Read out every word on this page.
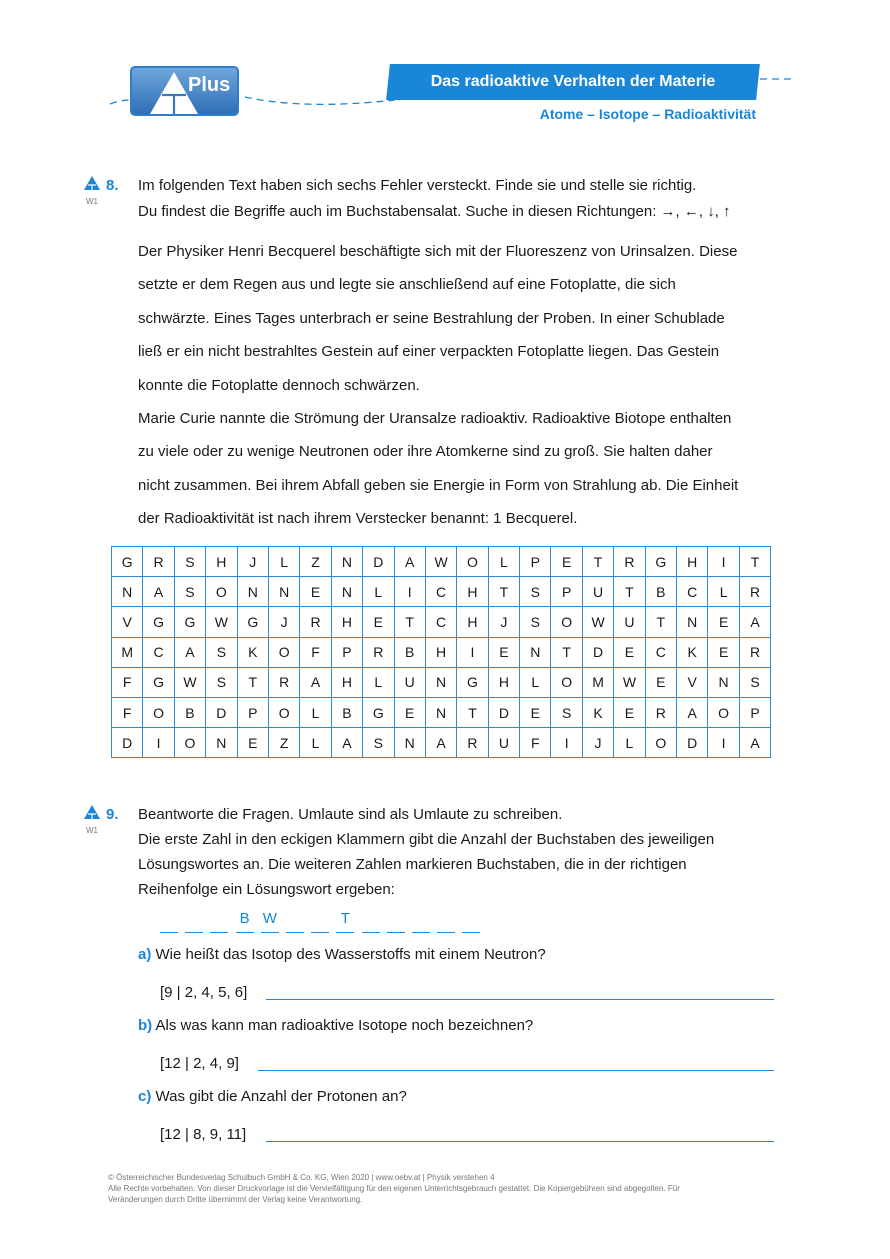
Plus	Das radioaktive Verhalten der Materie
Atome – Isotope – Radioaktivität
8.
W1
Im folgenden Text haben sich sechs Fehler versteckt. Finde sie und stelle sie richtig.
Du findest die Begriffe auch im Buchstabensalat. Suche in diesen Richtungen: →, ←, ↓, ↑
Der Physiker Henri Becquerel beschäftigte sich mit der Fluoreszenz von Urinsalzen. Diese
setzte er dem Regen aus und legte sie anschließend auf eine Fotoplatte, die sich
schwärzte. Eines Tages unterbrach er seine Bestrahlung der Proben. In einer Schublade
ließ er ein nicht bestrahltes Gestein auf einer verpackten Fotoplatte liegen. Das Gestein
konnte die Fotoplatte dennoch schwärzen.
Marie Curie nannte die Strömung der Uransalze radioaktiv. Radioaktive Biotope enthalten
zu viele oder zu wenige Neutronen oder ihre Atomkerne sind zu groß. Sie halten daher
nicht zusammen. Bei ihrem Abfall geben sie Energie in Form von Strahlung ab. Die Einheit
der Radioaktivität ist nach ihrem Verstecker benannt: 1 Becquerel.
G	R	S	H	J	L	Z	N	D	A	W	O	L	P	E	T	R	G	H	I	T
N	A	S	O	N	N	E	N	L	I	C	H	T	S	P	U	T	B	C	L	R
V	G	G	W	G	J	R	H	E	T	C	H	J	S	O	W	U	T	N	E	A
M	C	A	S	K	O	F	P	R	B	H	I	E	N	T	D	E	C	K	E	R
F	G	W	S	T	R	A	H	L	U	N	G	H	L	O	M	W	E	V	N	S
F	O	B	D	P	O	L	B	G	E	N	T	D	E	S	K	E	R	A	O	P
D	I	O	N	E	Z	L	A	S	N	A	R	U	F	I	J	L	O	D	I	A
9.
W1
Beantworte die Fragen. Umlaute sind als Umlaute zu schreiben.
Die erste Zahl in den eckigen Klammern gibt die Anzahl der Buchstaben des jeweiligen
Lösungswortes an. Die weiteren Zahlen markieren Buchstaben, die in der richtigen
Reihenfolge ein Lösungswort ergeben:
B W	T
a) Wie heißt das Isotop des Wasserstoffs mit einem Neutron?
[9 | 2, 4, 5, 6]
b) Als was kann man radioaktive Isotope noch bezeichnen?
[12 | 2, 4, 9]
c) Was gibt die Anzahl der Protonen an?
[12 | 8, 9, 11]
© Österreichischer Bundesverlag Schulbuch GmbH & Co. KG, Wien 2020 | www.oebv.at | Physik verstehen 4
Alle Rechte vorbehalten. Von dieser Druckvorlage ist die Vervielfältigung für den eigenen Unterrichtsgebrauch gestattet. Die Kopiergebühren sind abgegolten. Für
Veränderungen durch Dritte übernimmt der Verlag keine Verantwortung.
